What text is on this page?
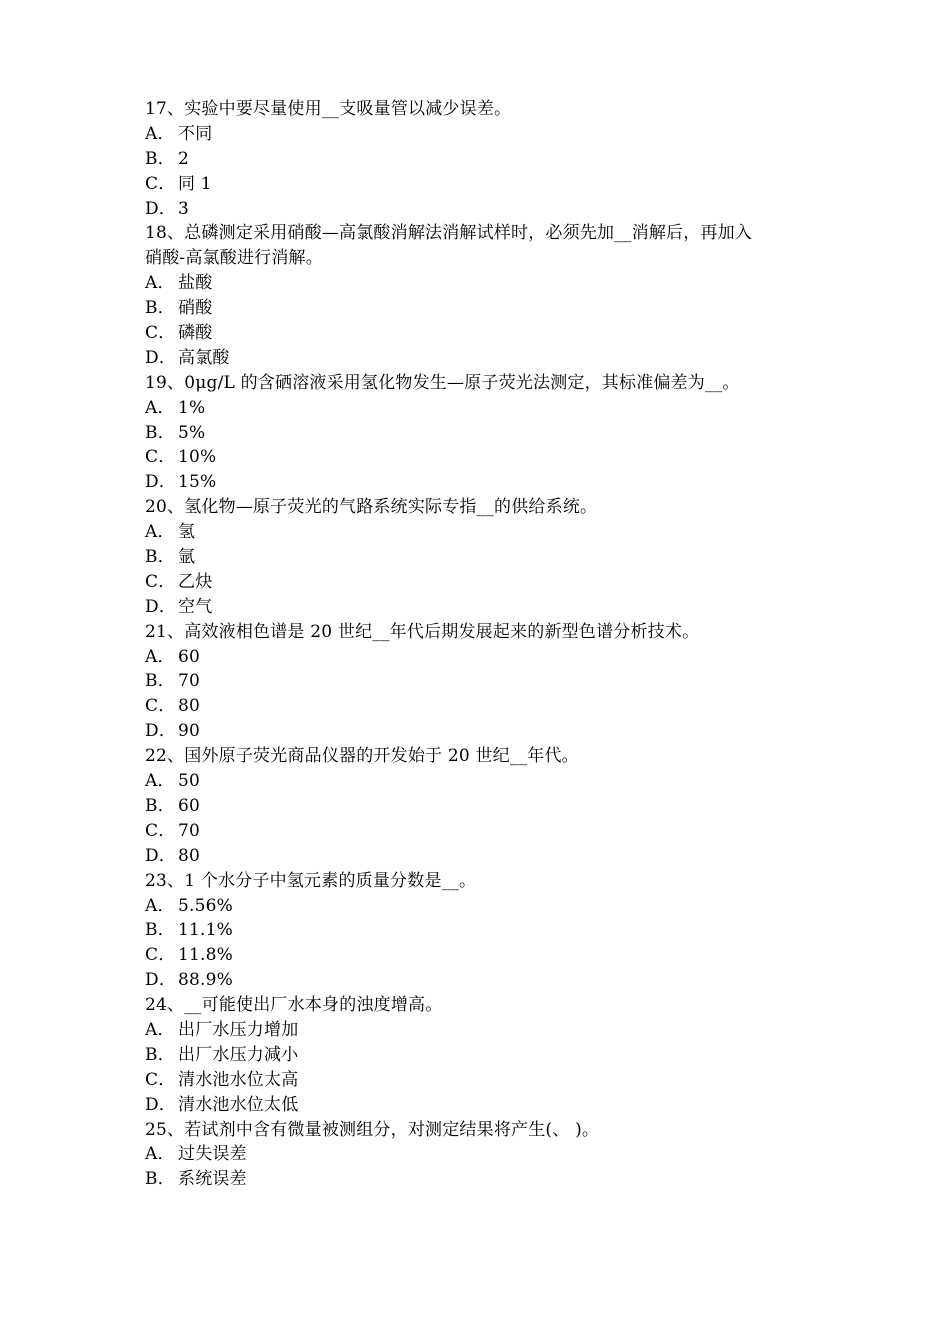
17、实验中要尽量使用__支吸量管以减少误差。
A． 不同
B． 2
C． 同 1
D． 3
18、总磷测定采用硝酸—高氯酸消解法消解试样时，必须先加__消解后，再加入
硝酸-高氯酸进行消解。
A． 盐酸
B． 硝酸
C． 磷酸
D． 高氯酸
19、0μg/L 的含硒溶液采用氢化物发生—原子荧光法测定，其标准偏差为__。
A． 1%
B． 5%
C． 10%
D． 15%
20、氢化物—原子荧光的气路系统实际专指__的供给系统。
A． 氢
B． 氩
C． 乙炔
D． 空气
21、高效液相色谱是 20 世纪__年代后期发展起来的新型色谱分析技术。
A． 60
B． 70
C． 80
D． 90
22、国外原子荧光商品仪器的开发始于 20 世纪__年代。
A． 50
B． 60
C． 70
D． 80
23、1 个水分子中氢元素的质量分数是__。
A． 5.56%
B． 11.1%
C． 11.8%
D． 88.9%
24、__可能使出厂水本身的浊度增高。
A． 出厂水压力增加
B． 出厂水压力减小
C． 清水池水位太高
D． 清水池水位太低
25、若试剂中含有微量被测组分，对测定结果将产生(、 )。
A． 过失误差
B． 系统误差
